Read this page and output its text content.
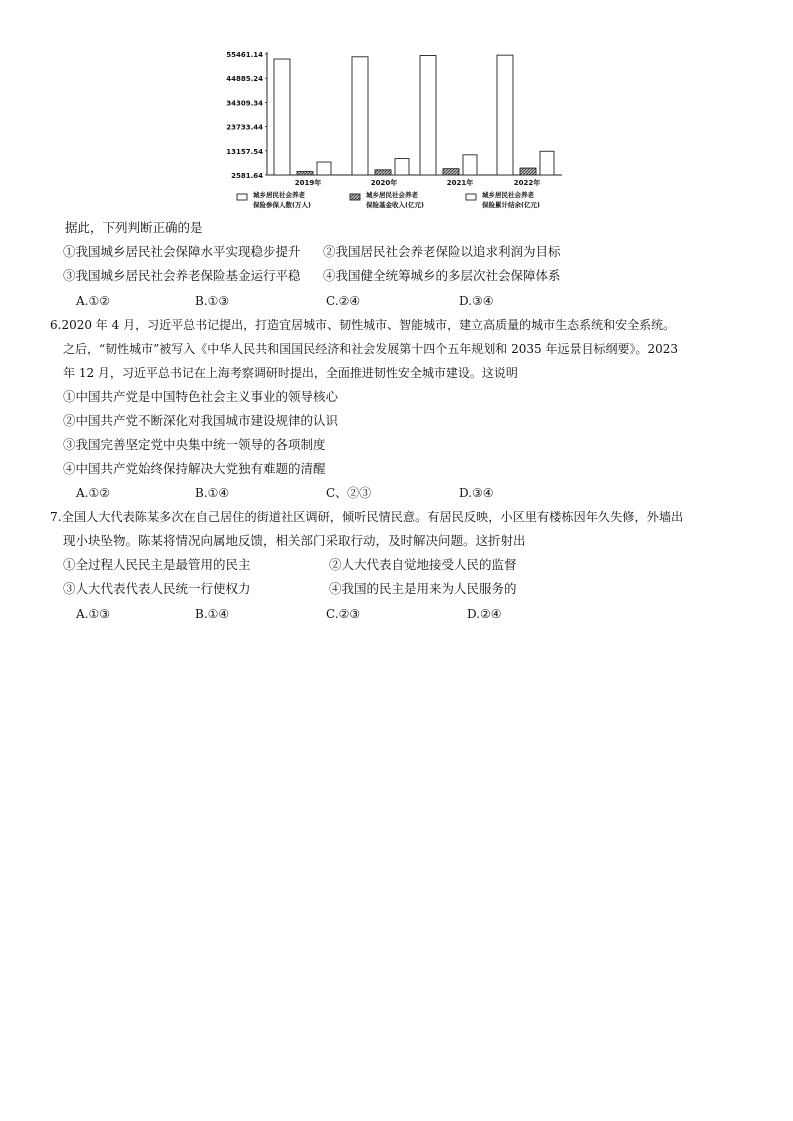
55461.14
44885.24
34309.34
23733.44
13157.54
2581.64
2019年	2020年	2021年	2022年
城乡居民社会养老
保险参保人数(万人)
城乡居民社会养老
保险基金收入(亿元)
城乡居民社会养老
保险累计结余(亿元)
据此，下列判断正确的是
①我国城乡居民社会保障水平实现稳步提升 ②我国居民社会养老保险以追求利润为目标
③我国城乡居民社会养老保险基金运行平稳 ④我国健全统筹城乡的多层次社会保障体系
A.①②	B.①③	C.②④	D.③④
6.2020 年 4 月，习近平总书记提出，打造宜居城市、韧性城市、智能城市，建立高质量的城市生态系统和安全系统。
之后，“韧性城市”被写入《中华人民共和国国民经济和社会发展第十四个五年规划和 2035 年远景目标纲要》。2023
年 12 月，习近平总书记在上海考察调研时提出，全面推进韧性安全城市建设。这说明
①中国共产党是中国特色社会主义事业的领导核心
②中国共产党不断深化对我国城市建设规律的认识
③我国完善坚定党中央集中统一领导的各项制度
④中国共产党始终保持解决大党独有难题的清醒
A.①②	B.①④	C、②③	D.③④
7.全国人大代表陈某多次在自己居住的街道社区调研，倾听民情民意。有居民反映，小区里有楼栋因年久失修，外墙出
现小块坠物。陈某将情况向属地反馈，相关部门采取行动，及时解决问题。这折射出
①全过程人民民主是最管用的民主	②人大代表自觉地接受人民的监督
③人大代表代表人民统一行使权力	④我国的民主是用来为人民服务的
A.①③	B.①④	C.②③	D.②④
